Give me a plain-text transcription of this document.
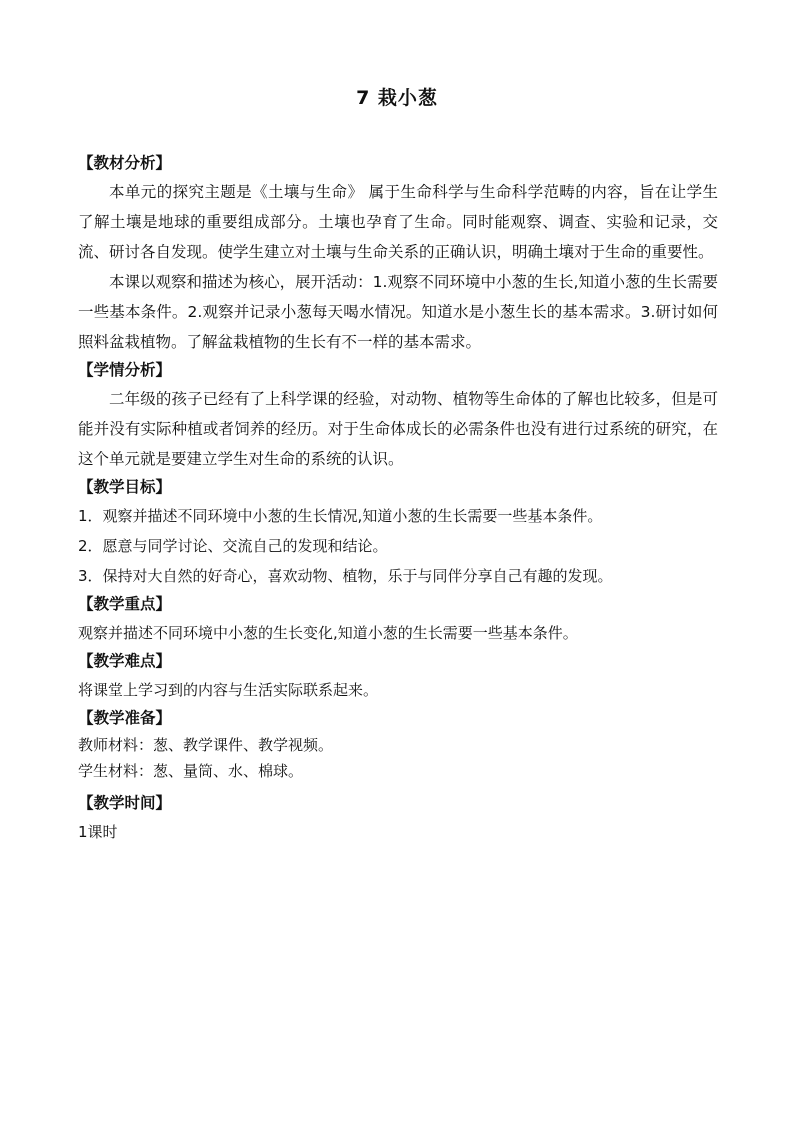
7 栽小葱

【教材分析】

本单元的探究主题是《土壤与生命》 属于生命科学与生命科学范畴的内容，旨在让学生了解土壤是地球的重要组成部分。土壤也孕育了生命。同时能观察、调查、实验和记录，交流、研讨各自发现。使学生建立对土壤与生命关系的正确认识，明确土壤对于生命的重要性。

本课以观察和描述为核心，展开活动：1.观察不同环境中小葱的生长,知道小葱的生长需要一些基本条件。2.观察并记录小葱每天喝水情况。知道水是小葱生长的基本需求。3.研讨如何照料盆栽植物。了解盆栽植物的生长有不一样的基本需求。

【学情分析】

二年级的孩子已经有了上科学课的经验，对动物、植物等生命体的了解也比较多，但是可能并没有实际种植或者饲养的经历。对于生命体成长的必需条件也没有进行过系统的研究，在这个单元就是要建立学生对生命的系统的认识。

【教学目标】

1．观察并描述不同环境中小葱的生长情况,知道小葱的生长需要一些基本条件。

2．愿意与同学讨论、交流自己的发现和结论。

3．保持对大自然的好奇心，喜欢动物、植物，乐于与同伴分享自己有趣的发现。

【教学重点】

观察并描述不同环境中小葱的生长变化,知道小葱的生长需要一些基本条件。

【教学难点】

将课堂上学习到的内容与生活实际联系起来。

【教学准备】

教师材料：葱、教学课件、教学视频。

学生材料：葱、量筒、水、棉球。

【教学时间】

1课时
